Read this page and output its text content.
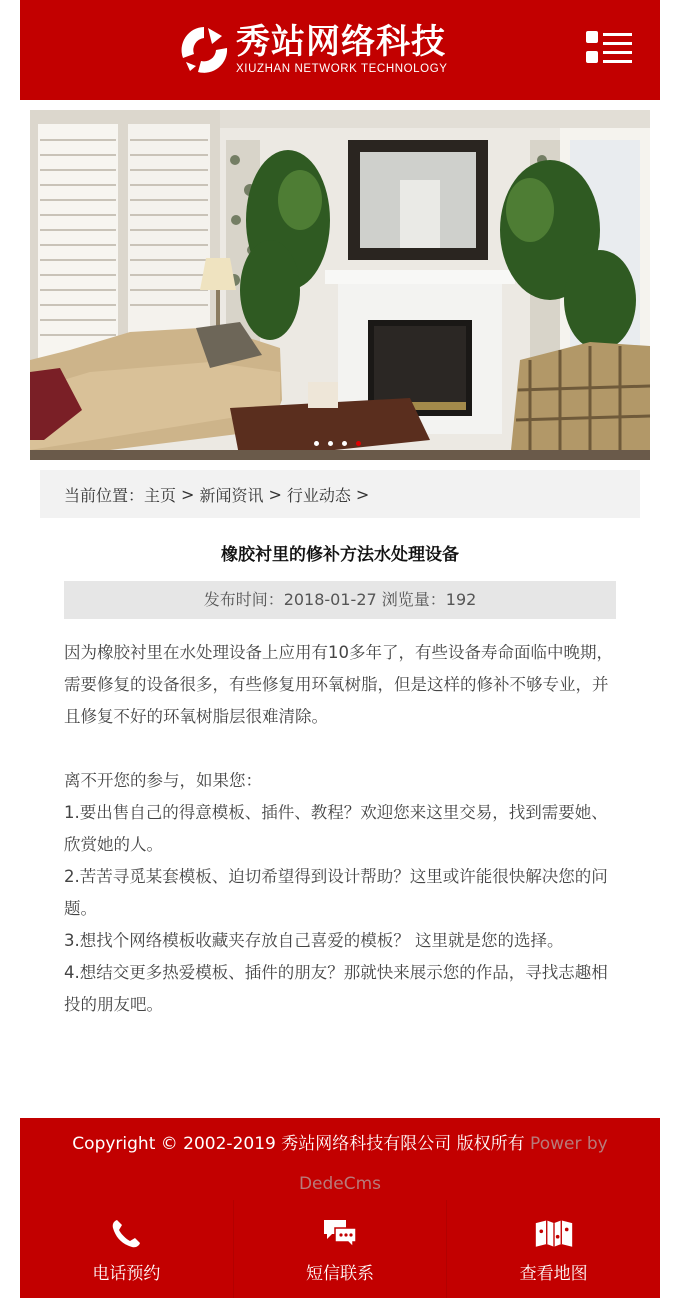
秀站网络科技
XIUZHAN NETWORK TECHNOLOGY
当前位置： 主页 > 新闻资讯 > 行业动态 >
橡胶衬里的修补方法水处理设备
发布时间：2018-01-27 浏览量：192

因为橡胶衬里在水处理设备上应用有10多年了，有些设备寿命面临中晚期，需要修复的设备很多，有些修复用环氧树脂，但是这样的修补不够专业，并且修复不好的环氧树脂层很难清除。

离不开您的参与，如果您：

1.要出售自己的得意模板、插件、教程？欢迎您来这里交易，找到需要她、欣赏她的人。

2.苦苦寻觅某套模板、迫切希望得到设计帮助？这里或许能很快解决您的问题。

3.想找个网络模板收藏夹存放自己喜爱的模板？ 这里就是您的选择。

4.想结交更多热爱模板、插件的朋友？那就快来展示您的作品，寻找志趣相投的朋友吧。

Copyright © 2002-2019 秀站网络科技有限公司 版权所有 Power by DedeCms
电话预约	短信联系	查看地图
